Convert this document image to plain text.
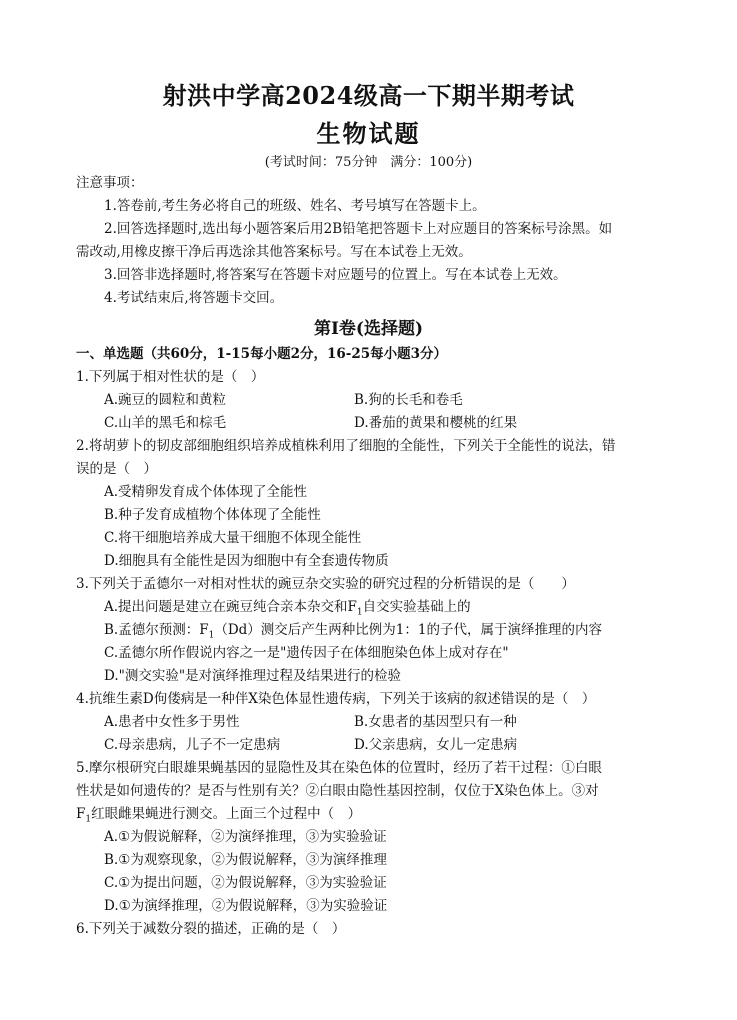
射洪中学高2024级高一下期半期考试
生物试题
(考试时间：75分钟　满分：100分)
注意事项：
1.答卷前,考生务必将自己的班级、姓名、考号填写在答题卡上。
2.回答选择题时,选出每小题答案后用2B铅笔把答题卡上对应题目的答案标号涂黑。如
需改动,用橡皮擦干净后再选涂其他答案标号。写在本试卷上无效。
3.回答非选择题时,将答案写在答题卡对应题号的位置上。写在本试卷上无效。
4.考试结束后,将答题卡交回。
第Ⅰ卷(选择题)
一、单选题（共60分，1-15每小题2分，16-25每小题3分）
1.下列属于相对性状的是（　）
A.豌豆的圆粒和黄粒	B.狗的长毛和卷毛
C.山羊的黑毛和棕毛	D.番茄的黄果和樱桃的红果
2.将胡萝卜的韧皮部细胞组织培养成植株利用了细胞的全能性，下列关于全能性的说法，错
误的是（　）
A.受精卵发育成个体体现了全能性
B.种子发育成植物个体体现了全能性
C.将干细胞培养成大量干细胞不体现全能性
D.细胞具有全能性是因为细胞中有全套遗传物质
3.下列关于孟德尔一对相对性状的豌豆杂交实验的研究过程的分析错误的是（　　）
A.提出问题是建立在豌豆纯合亲本杂交和$F_1$自交实验基础上的
B.孟德尔预测：$F_1(Dd)$测交后产生两种比例为1：1的子代，属于演绎推理的内容
C.孟德尔所作假说内容之一是"遗传因子在体细胞染色体上成对存在"
D."测交实验"是对演绎推理过程及结果进行的检验
4.抗维生素D佝偻病是一种伴X染色体显性遗传病，下列关于该病的叙述错误的是（　）
A.患者中女性多于男性	B.女患者的基因型只有一种
C.母亲患病，儿子不一定患病	D.父亲患病，女儿一定患病
5.摩尔根研究白眼雄果蝇基因的显隐性及其在染色体的位置时，经历了若干过程：①白眼
性状是如何遗传的？是否与性别有关？②白眼由隐性基因控制，仅位于X染色体上。③对
$F_1$红眼雌果蝇进行测交。上面三个过程中（　）
A.①为假说解释，②为演绎推理，③为实验验证
B.①为观察现象，②为假说解释，③为演绎推理
C.①为提出问题，②为假说解释，③为实验验证
D.①为演绎推理，②为假说解释，③为实验验证
6.下列关于减数分裂的描述，正确的是（　）
